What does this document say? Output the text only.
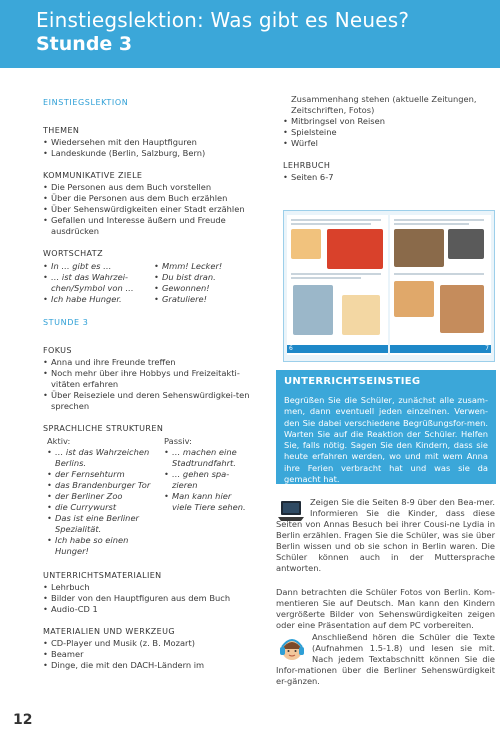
Einstiegslektion: Was gibt es Neues?
Stunde 3

EINSTIEGSLEKTION

THEMEN

• Wiedersehen mit den Hauptfiguren
• Landeskunde (Berlin, Salzburg, Bern)

KOMMUNIKATIVE ZIELE

• Die Personen aus dem Buch vorstellen
• Über die Personen aus dem Buch erzählen
• Über Sehenswürdigkeiten einer Stadt erzählen
• Gefallen und Interesse äußern und Freude ausdrücken

WORTSCHATZ

• In … gibt es …
• … ist das Wahrzei-chen/Symbol von …
• Ich habe Hunger.
• Mmm! Lecker!
• Du bist dran.
• Gewonnen!
• Gratuliere!

STUNDE 3

FOKUS

• Anna und ihre Freunde treffen
• Noch mehr über ihre Hobbys und Freizeitakti-vitäten erfahren
• Über Reiseziele und deren Sehenswürdigkei-ten sprechen

SPRACHLICHE STRUKTUREN

Aktiv:
• … ist das Wahrzeichen Berlins.
• der Fernsehturm
• das Brandenburger Tor
• der Berliner Zoo
• die Currywurst
• Das ist eine Berliner Spezialität.
• Ich habe so einen Hunger!
Passiv:
• … machen eine Stadtrundfahrt.
• … gehen spa-zieren
• Man kann hier viele Tiere sehen.

UNTERRICHTSMATERIALIEN

• Lehrbuch
• Bilder von den Hauptfiguren aus dem Buch
• Audio-CD 1

MATERIALIEN UND WERKZEUG

• CD-Player und Musik (z. B. Mozart)
• Beamer
• Dinge, die mit den DACH-Ländern im
Zusammenhang stehen (aktuelle Zeitungen, Zeitschriften, Fotos)
• Mitbringsel von Reisen
• Spielsteine
• Würfel

LEHRBUCH

• Seiten 6-7
6	7
UNTERRICHTSEINSTIEG
Begrüßen Sie die Schüler, zunächst alle zusam-men, dann eventuell jeden einzelnen. Verwen-den Sie dabei verschiedene Begrüßungsfor-men. Warten Sie auf die Reaktion der Schüler. Helfen Sie, falls nötig. Sagen Sie den Kindern, dass sie heute erfahren werden, wo und mit wem Anna ihre Ferien verbracht hat und was sie da gemacht hat.
Zeigen Sie die Seiten 8-9 über den Bea-mer. Informieren Sie die Kinder, dass diese Seiten von Annas Besuch bei ihrer Cousi-ne Lydia in Berlin erzählen. Fragen Sie die Schüler, was sie über Berlin wissen und ob sie schon in Berlin waren. Die Schüler können auch in der Muttersprache antworten.
Dann betrachten die Schüler Fotos von Berlin. Kom-mentieren Sie auf Deutsch. Man kann den Kindern vergrößerte Bilder von Sehenswürdigkeiten zeigen oder eine Präsentation auf dem PC vorbereiten.
Anschließend hören die Schüler die Texte (Aufnahmen 1.5-1.8) und lesen sie mit. Nach jedem Textabschnitt können Sie die Infor-mationen über die Berliner Sehenswürdigkeit er-gänzen.
12
